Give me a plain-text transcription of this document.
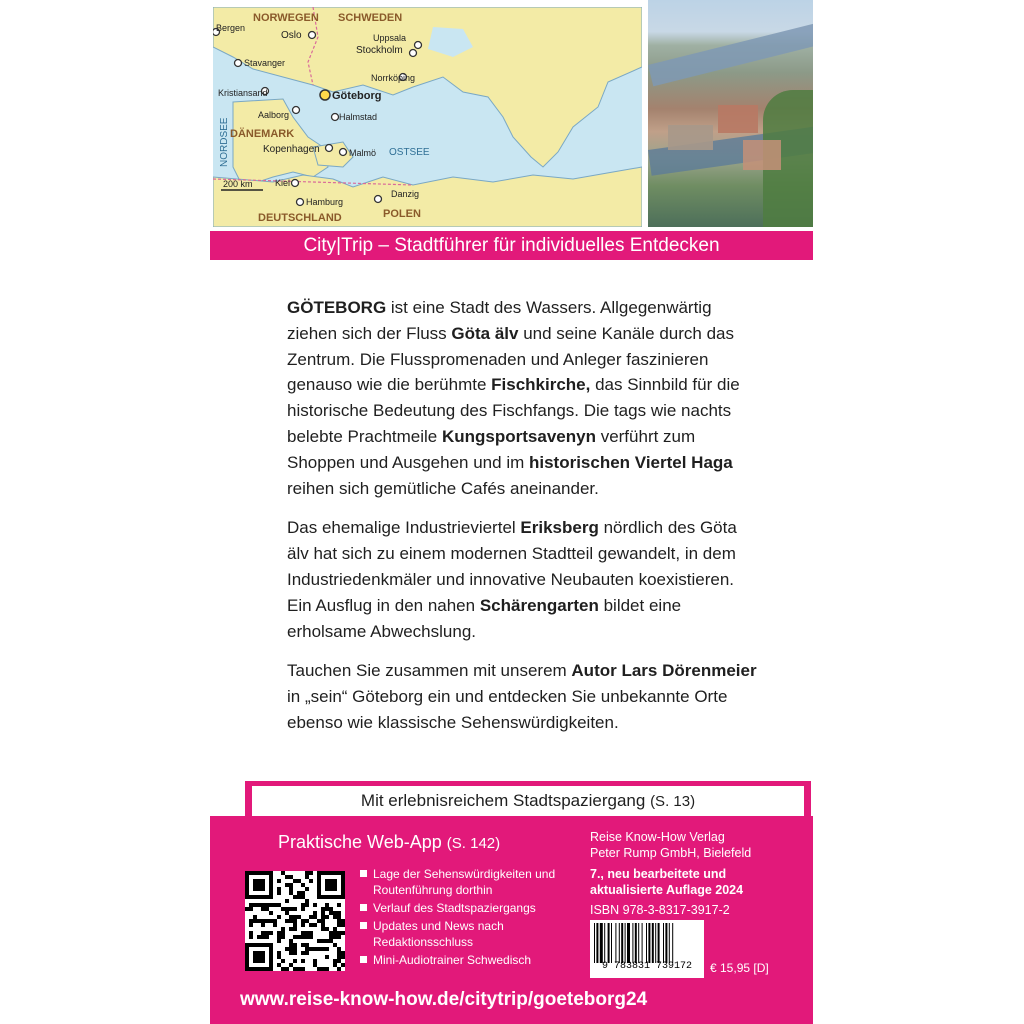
NORWEGEN SCHWEDEN
Bergen
Oslo	Uppsala
Stockholm
Stavanger
Norrköping
Kristiansand	Göteborg
NORDSEE
Aalborg	Halmstad
DÄNEMARK
Kopenhagen	Malmö OSTSEE
200 km Kiel
Danzig
Hamburg
DEUTSCHLAND	POLEN
City|Trip – Stadtführer für individuelles Entdecken

GÖTEBORG ist eine Stadt des Wassers. Allgegenwärtig ziehen sich der Fluss Göta älv und seine Kanäle durch das Zentrum. Die Flusspromenaden und Anleger faszinieren genauso wie die berühmte Fischkirche, das Sinnbild für die historische Bedeutung des Fischfangs. Die tags wie nachts belebte Prachtmeile Kungsportsavenyn verführt zum Shoppen und Ausgehen und im historischen Viertel Haga reihen sich gemütliche Cafés aneinander.

Das ehemalige Industrieviertel Eriksberg nördlich des Göta älv hat sich zu einem modernen Stadtteil gewandelt, in dem Industriedenkmäler und innovative Neubauten koexistieren. Ein Ausflug in den nahen Schärengarten bildet eine erholsame Abwechslung.

Tauchen Sie zusammen mit unserem Autor Lars Dörenmeier in „sein“ Göteborg ein und entdecken Sie unbekannte Orte ebenso wie klassische Sehenswürdigkeiten.

Mit erlebnisreichem Stadtspaziergang (S. 13)
Praktische Web-App (S. 142)
Lage der Sehenswürdigkeiten und Routenführung dorthin
Verlauf des Stadtspaziergangs
Updates und News nach Redaktionsschluss
Mini-Audiotrainer Schwedisch
Reise Know-How Verlag
Peter Rump GmbH, Bielefeld
7., neu bearbeitete und
aktualisierte Auflage 2024
ISBN 978-3-8317-3917-2
9 783831 739172	€ 15,95 [D]
www.reise-know-how.de/citytrip/goeteborg24
